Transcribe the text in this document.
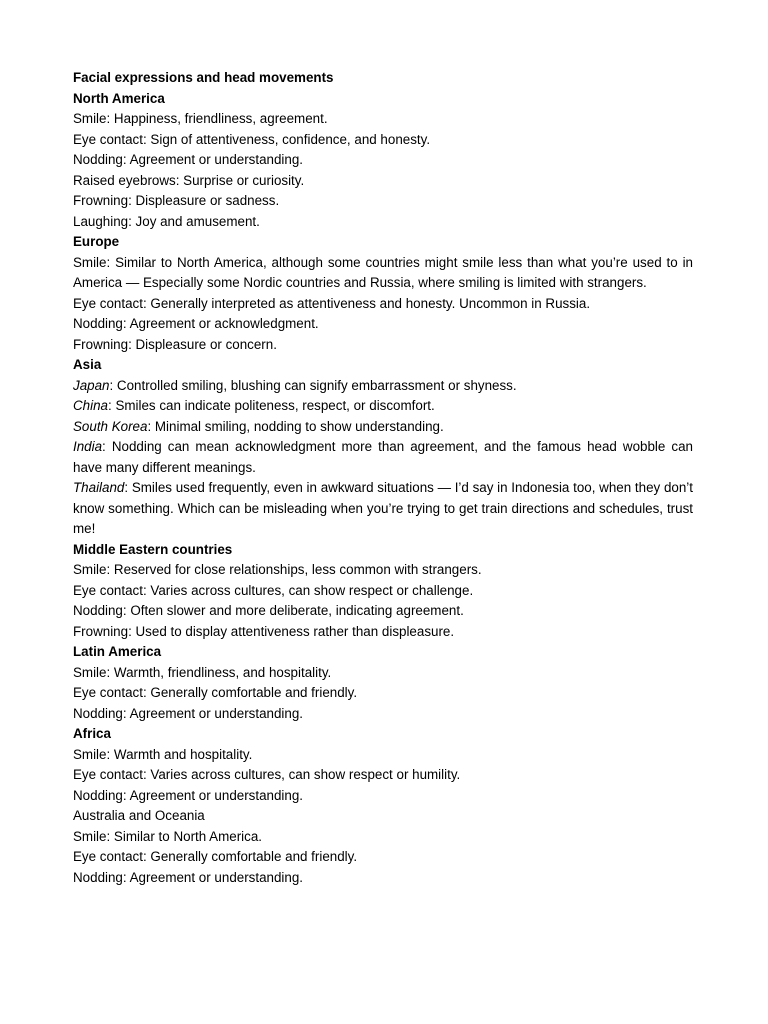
Facial expressions and head movements

North America

Smile: Happiness, friendliness, agreement.

Eye contact: Sign of attentiveness, confidence, and honesty.

Nodding: Agreement or understanding.

Raised eyebrows: Surprise or curiosity.

Frowning: Displeasure or sadness.

Laughing: Joy and amusement.

Europe

Smile: Similar to North America, although some countries might smile less than what you’re used to in America — Especially some Nordic countries and Russia, where smiling is limited with strangers.

Eye contact: Generally interpreted as attentiveness and honesty. Uncommon in Russia.

Nodding: Agreement or acknowledgment.

Frowning: Displeasure or concern.

Asia

Japan: Controlled smiling, blushing can signify embarrassment or shyness.

China: Smiles can indicate politeness, respect, or discomfort.

South Korea: Minimal smiling, nodding to show understanding.

India: Nodding can mean acknowledgment more than agreement, and the famous head wobble can have many different meanings.

Thailand: Smiles used frequently, even in awkward situations — I’d say in Indonesia too, when they don’t know something. Which can be misleading when you’re trying to get train directions and schedules, trust me!

Middle Eastern countries

Smile: Reserved for close relationships, less common with strangers.

Eye contact: Varies across cultures, can show respect or challenge.

Nodding: Often slower and more deliberate, indicating agreement.

Frowning: Used to display attentiveness rather than displeasure.

Latin America

Smile: Warmth, friendliness, and hospitality.

Eye contact: Generally comfortable and friendly.

Nodding: Agreement or understanding.

Africa

Smile: Warmth and hospitality.

Eye contact: Varies across cultures, can show respect or humility.

Nodding: Agreement or understanding.

Australia and Oceania

Smile: Similar to North America.

Eye contact: Generally comfortable and friendly.

Nodding: Agreement or understanding.
